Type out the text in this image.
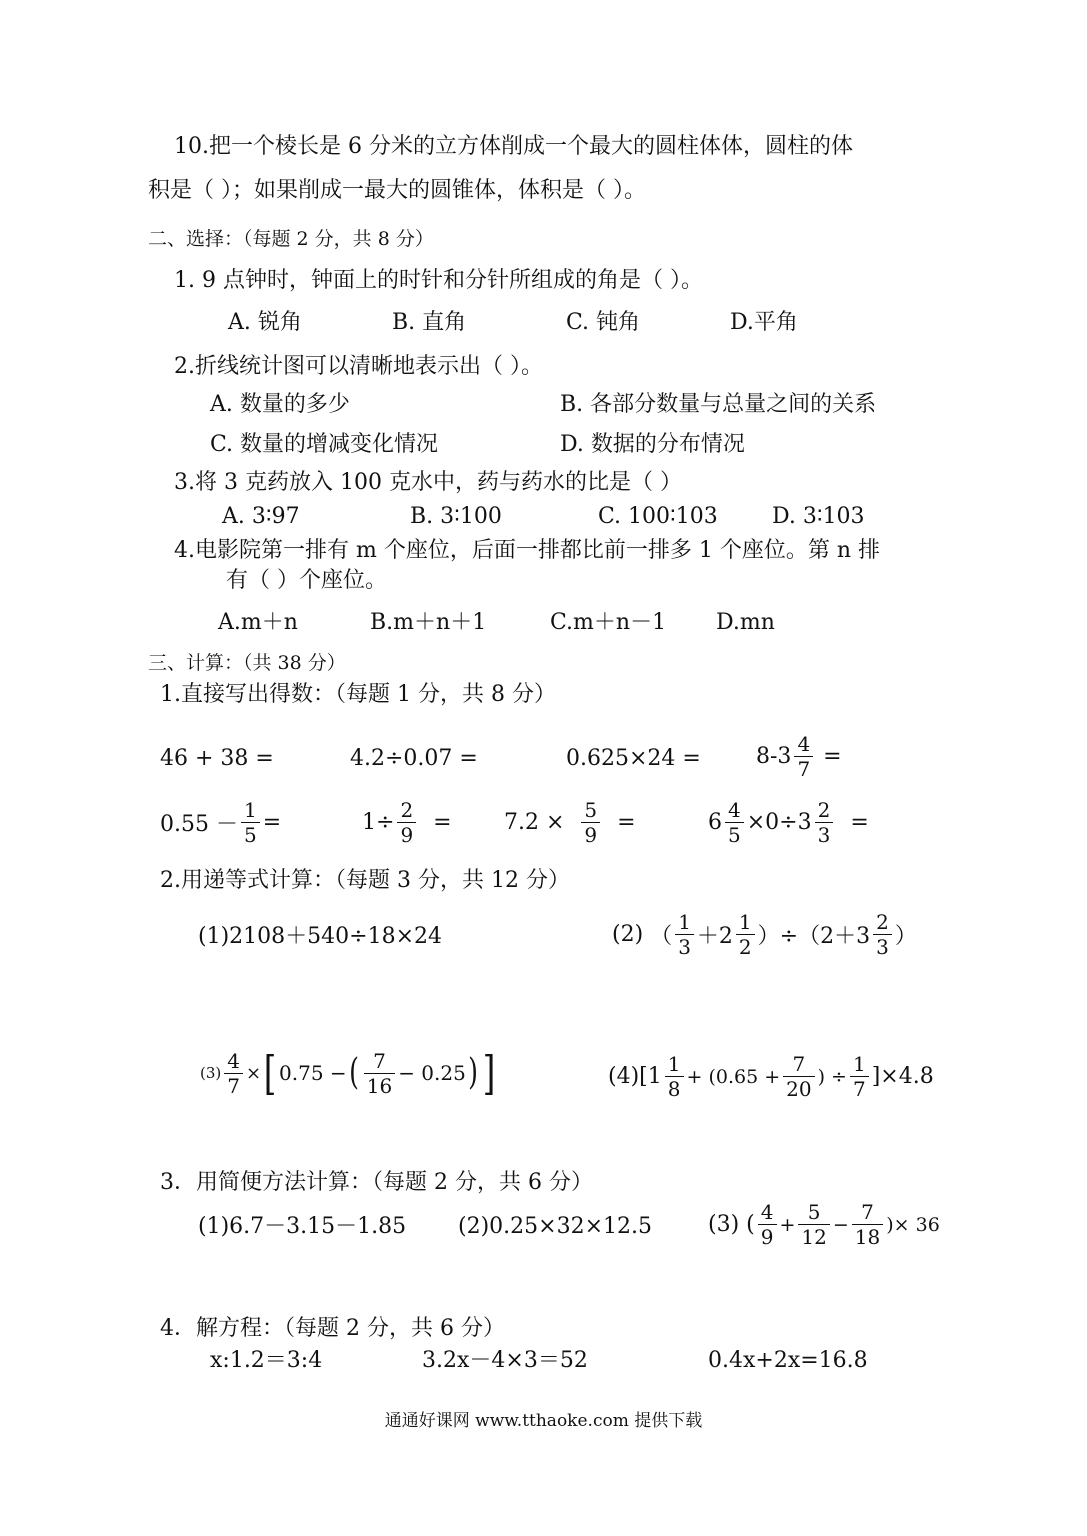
10.把一个棱长是 6 分米的立方体削成一个最大的圆柱体体，圆柱的体
积是（ ）；如果削成一最大的圆锥体，体积是（ ）。
二、选择：（每题 2 分，共 8 分）
1. 9 点钟时，钟面上的时针和分针所组成的角是（ ）。
A. 锐角	B. 直角	C. 钝角	D.平角
2.折线统计图可以清晰地表示出（ ）。
A. 数量的多少	B. 各部分数量与总量之间的关系
C. 数量的增减变化情况	D. 数据的分布情况
3.将 3 克药放入 100 克水中，药与药水的比是（ ）
A. 3∶97	B. 3∶100	C. 100∶103 D. 3∶103
4.电影院第一排有 m 个座位，后面一排都比前一排多 1 个座位。第 n 排
有（ ）个座位。
A.m＋n	B.m＋n＋1	C.m＋n－1 D.mn
三、计算：（共 38 分）
1.直接写出得数：（每题 1 分，共 8 分）
46 + 38 =	4.2÷0.07 =	0.625×24 =	$8-3 \frac{4}{7}$ =
$0.55 - \frac{1}{5}$ =	$1\div \frac{2}{9} = 7.2 \times \frac{5}{9}$ =	$6 \frac{4}{5} \times 0\div 3 \frac{2}{3}$ =
2.用递等式计算：（每题 3 分，共 12 分）
(1)2108＋540÷18×24	(2) （ $\frac{1}{3} +2 \frac{1}{2} )\div(2+3 \frac{2}{3}$ ）
$(3) \frac{4}{7}$ ×[ 0.75 −( $\frac{7}{16} - 0.25$) ]	$(4)[1 \frac{1}{8} + (0.65 + \frac{7}{20}$ ) ÷ $\frac{1}{7} ]\times 4.8$
3．用简便方法计算：（每题 2 分，共 6 分）
(1)6.7－3.15－1.85 (2)0.25×32×12.5	(3) ( $\frac{4}{9} + \frac{5}{12} - \frac{7}{18}$ )× 36
4．解方程：（每题 2 分，共 6 分）
x:1.2＝3:4	3.2x－4×3＝52	0.4x+2x=16.8
通通好课网 www.tthaoke.com 提供下载
